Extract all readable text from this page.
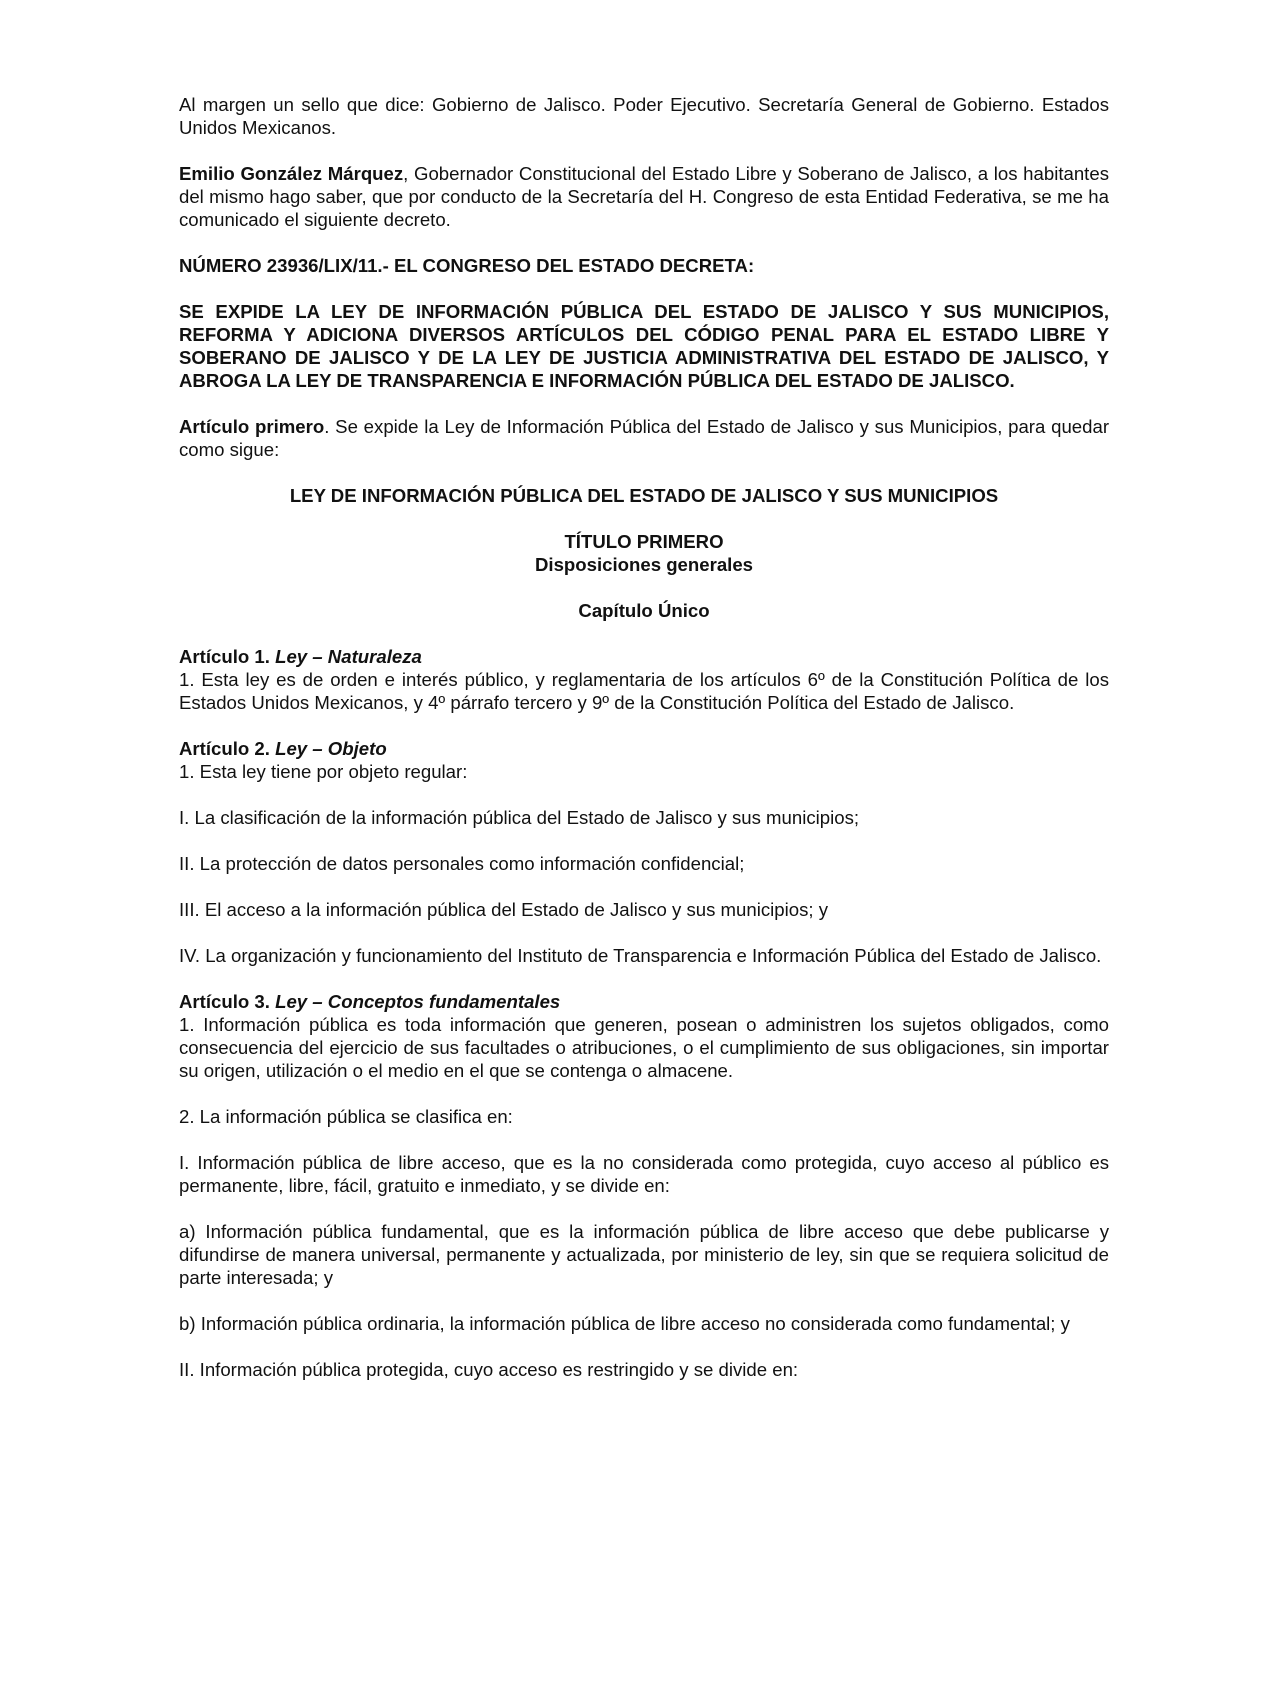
Al margen un sello que dice: Gobierno de Jalisco. Poder Ejecutivo. Secretaría General de Gobierno. Estados Unidos Mexicanos.

Emilio González Márquez, Gobernador Constitucional del Estado Libre y Soberano de Jalisco, a los habitantes del mismo hago saber, que por conducto de la Secretaría del H. Congreso de esta Entidad Federativa, se me ha comunicado el siguiente decreto.

NÚMERO 23936/LIX/11.- EL CONGRESO DEL ESTADO DECRETA:

SE EXPIDE LA LEY DE INFORMACIÓN PÚBLICA DEL ESTADO DE JALISCO Y SUS MUNICIPIOS, REFORMA Y ADICIONA DIVERSOS ARTÍCULOS DEL CÓDIGO PENAL PARA EL ESTADO LIBRE Y SOBERANO DE JALISCO Y DE LA LEY DE JUSTICIA ADMINISTRATIVA DEL ESTADO DE JALISCO, Y ABROGA LA LEY DE TRANSPARENCIA E INFORMACIÓN PÚBLICA DEL ESTADO DE JALISCO.

Artículo primero. Se expide la Ley de Información Pública del Estado de Jalisco y sus Municipios, para quedar como sigue:

LEY DE INFORMACIÓN PÚBLICA DEL ESTADO DE JALISCO Y SUS MUNICIPIOS

TÍTULO PRIMERO

Disposiciones generales

Capítulo Único

Artículo 1. Ley – Naturaleza

1. Esta ley es de orden e interés público, y reglamentaria de los artículos 6º de la Constitución Política de los Estados Unidos Mexicanos, y 4º párrafo tercero y 9º de la Constitución Política del Estado de Jalisco.

Artículo 2. Ley – Objeto

1. Esta ley tiene por objeto regular:

I. La clasificación de la información pública del Estado de Jalisco y sus municipios;

II. La protección de datos personales como información confidencial;

III. El acceso a la información pública del Estado de Jalisco y sus municipios; y

IV. La organización y funcionamiento del Instituto de Transparencia e Información Pública del Estado de Jalisco.

Artículo 3. Ley – Conceptos fundamentales

1. Información pública es toda información que generen, posean o administren los sujetos obligados, como consecuencia del ejercicio de sus facultades o atribuciones, o el cumplimiento de sus obligaciones, sin importar su origen, utilización o el medio en el que se contenga o almacene.

2. La información pública se clasifica en:

I. Información pública de libre acceso, que es la no considerada como protegida, cuyo acceso al público es permanente, libre, fácil, gratuito e inmediato, y se divide en:

a) Información pública fundamental, que es la información pública de libre acceso que debe publicarse y difundirse de manera universal, permanente y actualizada, por ministerio de ley, sin que se requiera solicitud de parte interesada; y

b) Información pública ordinaria, la información pública de libre acceso no considerada como fundamental; y

II. Información pública protegida, cuyo acceso es restringido y se divide en:
